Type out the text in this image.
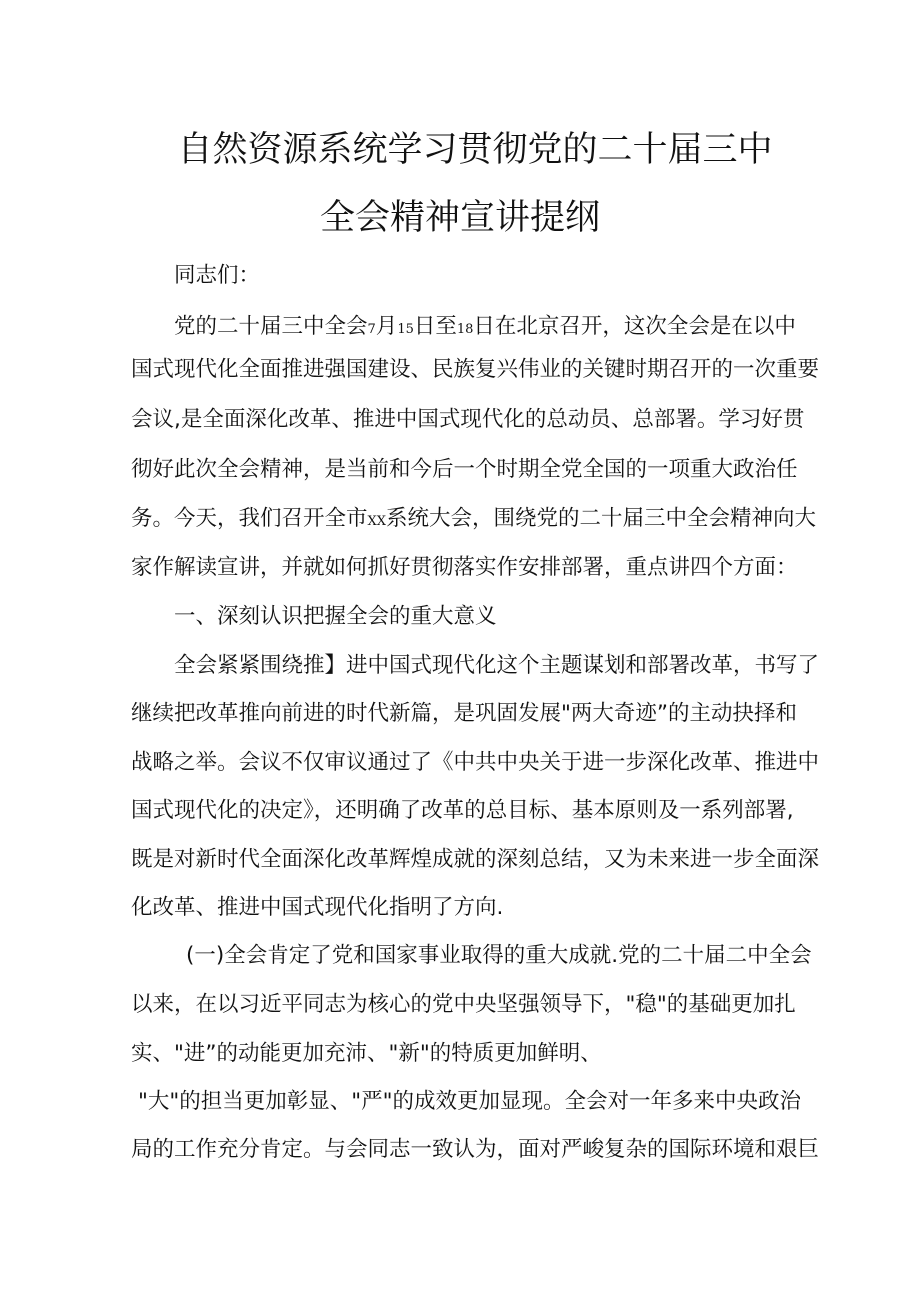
自然资源系统学习贯彻党的二十届三中
全会精神宣讲提纲
同志们：
党的二十届三中全会7月15日至18日在北京召开，这次全会是在以中
国式现代化全面推进强国建设、民族复兴伟业的关键时期召开的一次重要
会议,是全面深化改革、推进中国式现代化的总动员、总部署。学习好贯
彻好此次全会精神，是当前和今后一个时期全党全国的一项重大政治任
务。今天，我们召开全市XX系统大会，围绕党的二十届三中全会精神向大
家作解读宣讲，并就如何抓好贯彻落实作安排部署，重点讲四个方面：
一、深刻认识把握全会的重大意义
全会紧紧围绕推】进中国式现代化这个主题谋划和部署改革，书写了
继续把改革推向前进的时代新篇，是巩固发展"两大奇迹”的主动抉择和
战略之举。会议不仅审议通过了《中共中央关于进一步深化改革、推进中
国式现代化的决定》，还明确了改革的总目标、基本原则及一系列部署,
既是对新时代全面深化改革辉煌成就的深刻总结，又为未来进一步全面深
化改革、推进中国式现代化指明了方向.
(一)全会肯定了党和国家事业取得的重大成就.党的二十届二中全会
以来，在以习近平同志为核心的党中央坚强领导下，"稳"的基础更加扎
实、"进”的动能更加充沛、"新"的特质更加鲜明、
"大"的担当更加彰显、"严"的成效更加显现。全会对一年多来中央政治
局的工作充分肯定。与会同志一致认为，面对严峻复杂的国际环境和艰巨
